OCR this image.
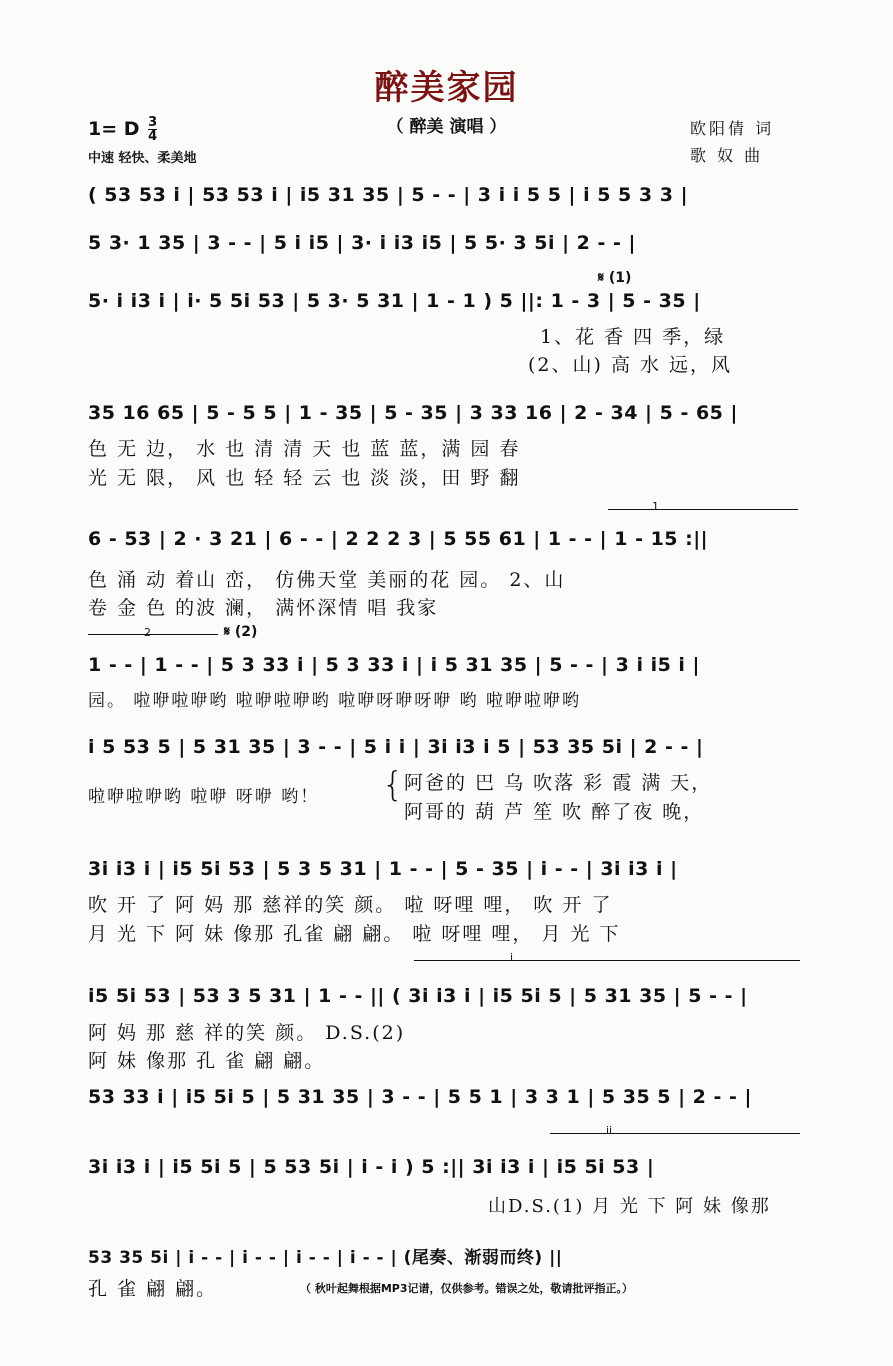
醉美家园
（ 醉美 演唱 ）
1= D $\frac{3}{4}$
中速 轻快、柔美地
欧阳倩 词
歌 奴 曲
( 53 53 i | 53 53 i | i5 31 35 | 5 - - | 3 i i 5 5 | i 5 5 3 3 |
5 3· 1 35 | 3 - - | 5 i i5 | 3· i i3 i5 | 5 5· 3 5i | 2 - - |
𝄋 (1)
5· i i3 i | i· 5 5i 53 | 5 3· 5 31 | 1 - 1 ) 5 ||: 1 - 3 | 5 - 35 |
1、花 香 四 季，绿
(2、山) 高 水 远，风
35 16 65 | 5 - 5 5 | 1 - 35 | 5 - 35 | 3 33 16 | 2 - 34 | 5 - 65 |
色 无 边， 水 也 清 清 天 也 蓝 蓝，满 园 春
光 无 限， 风 也 轻 轻 云 也 淡 淡，田 野 翻
1
6 - 53 | 2 · 3 21 | 6 - - | 2 2 2 3 | 5 55 61 | 1 - - | 1 - 15 :||
色 涌 动 着山 峦， 仿佛天堂 美丽的花 园。 2、山
卷 金 色 的波 澜， 满怀深情 唱 我家
2	𝄋 (2)
1 - - | 1 - - | 5 3 33 i | 5 3 33 i | i 5 31 35 | 5 - - | 3 i i5 i |
园。 啦咿啦咿哟 啦咿啦咿哟 啦咿呀咿呀咿 哟 啦咿啦咿哟
i 5 53 5 | 5 31 35 | 3 - - | 5 i i | 3i i3 i 5 | 53 35 5i | 2 - - |
啦咿啦咿哟 啦咿 呀咿 哟！ { 阿爸的 巴 乌 吹落 彩 霞 满 天，
阿哥的 葫 芦 笙 吹 醉了夜 晚，
3i i3 i | i5 5i 53 | 5 3 5 31 | 1 - - | 5 - 35 | i - - | 3i i3 i |
吹 开 了 阿 妈 那 慈祥的笑 颜。 啦 呀哩 哩， 吹 开 了
月 光 下 阿 妹 像那 孔雀 翩 翩。 啦 呀哩 哩， 月 光 下
i
i5 5i 53 | 53 3 5 31 | 1 - - || ( 3i i3 i | i5 5i 5 | 5 31 35 | 5 - - |
阿 妈 那 慈 祥的笑 颜。 D.S.(2)
阿 妹 像那 孔 雀 翩 翩。
53 33 i | i5 5i 5 | 5 31 35 | 3 - - | 5 5 1 | 3 3 1 | 5 35 5 | 2 - - |
ii
3i i3 i | i5 5i 5 | 5 53 5i | i - i ) 5 :|| 3i i3 i | i5 5i 53 |
山D.S.(1) 月 光 下 阿 妹 像那
53 35 5i | i - - | i - - | i - - | i - - | (尾奏、渐弱而终) ||
孔 雀 翩 翩。	（ 秋叶起舞根据MP3记谱，仅供参考。错误之处，敬请批评指正。）
